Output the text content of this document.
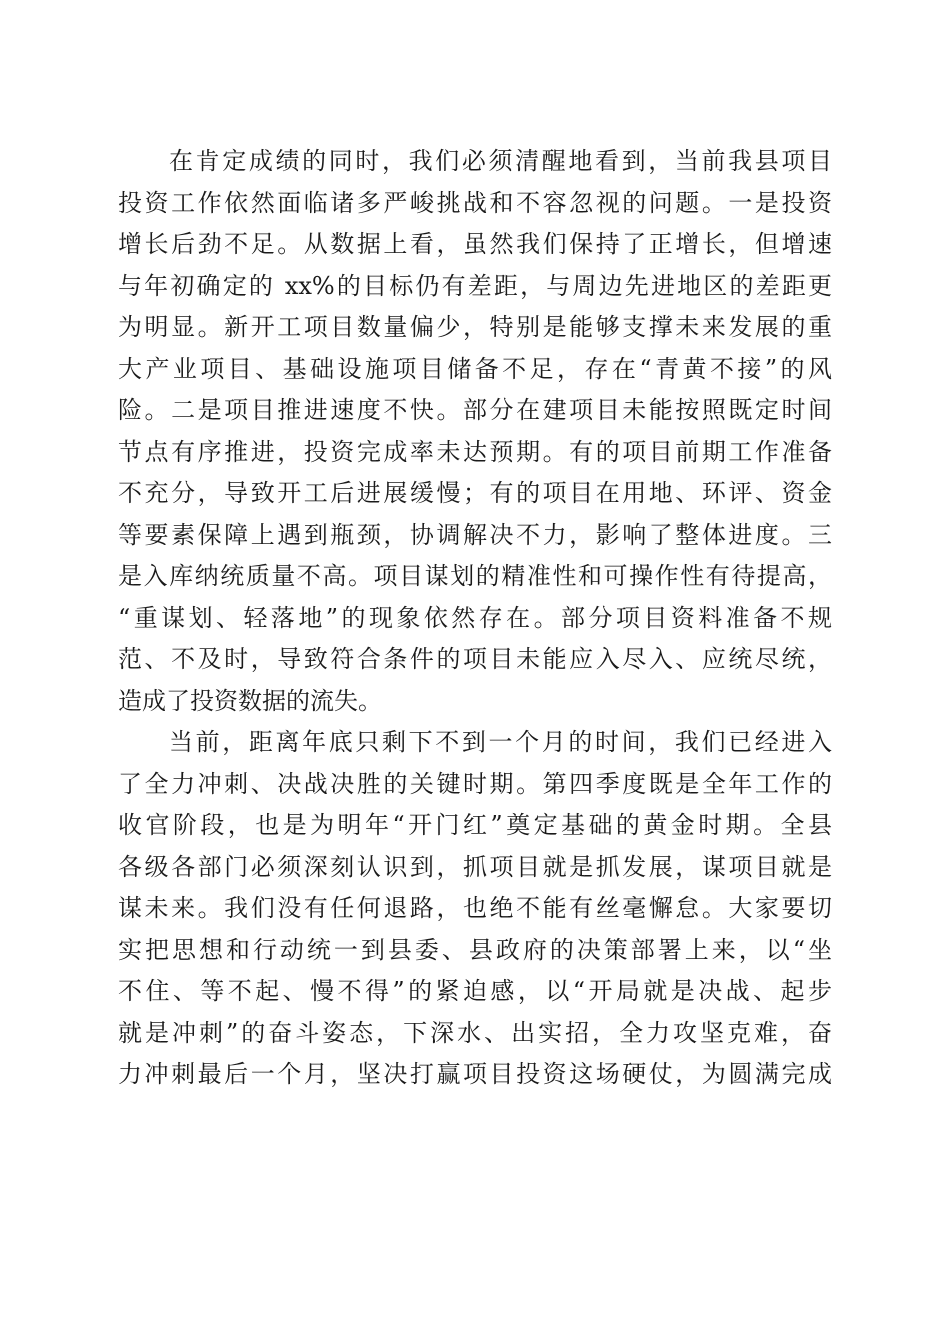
在肯定成绩的同时，我们必须清醒地看到，当前我县项目
投资工作依然面临诸多严峻挑战和不容忽视的问题。一是投资
增长后劲不足。从数据上看，虽然我们保持了正增长，但增速
与年初确定的 xx%的目标仍有差距，与周边先进地区的差距更
为明显。新开工项目数量偏少，特别是能够支撑未来发展的重
大产业项目、基础设施项目储备不足，存在“青黄不接”的风
险。二是项目推进速度不快。部分在建项目未能按照既定时间
节点有序推进，投资完成率未达预期。有的项目前期工作准备
不充分，导致开工后进展缓慢；有的项目在用地、环评、资金
等要素保障上遇到瓶颈，协调解决不力，影响了整体进度。三
是入库纳统质量不高。项目谋划的精准性和可操作性有待提高，
“重谋划、轻落地”的现象依然存在。部分项目资料准备不规
范、不及时，导致符合条件的项目未能应入尽入、应统尽统，
造成了投资数据的流失。
当前，距离年底只剩下不到一个月的时间，我们已经进入
了全力冲刺、决战决胜的关键时期。第四季度既是全年工作的
收官阶段，也是为明年“开门红”奠定基础的黄金时期。全县
各级各部门必须深刻认识到，抓项目就是抓发展，谋项目就是
谋未来。我们没有任何退路，也绝不能有丝毫懈怠。大家要切
实把思想和行动统一到县委、县政府的决策部署上来，以“坐
不住、等不起、慢不得”的紧迫感，以“开局就是决战、起步
就是冲刺”的奋斗姿态，下深水、出实招，全力攻坚克难，奋
力冲刺最后一个月，坚决打赢项目投资这场硬仗，为圆满完成
